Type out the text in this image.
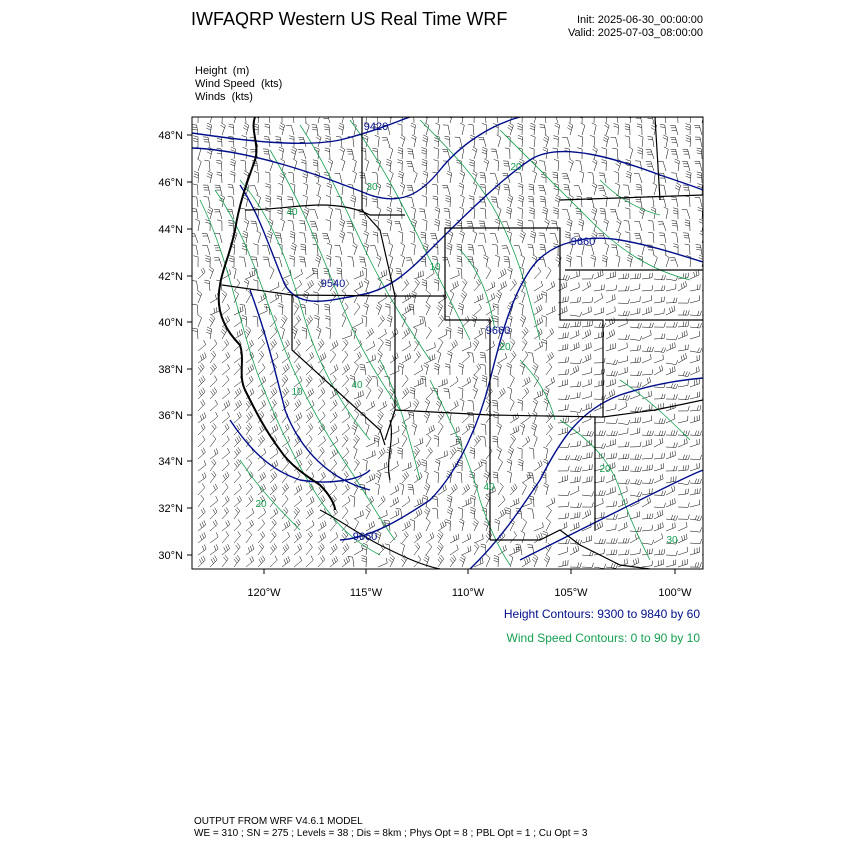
IWFAQRP Western US Real Time WRF	Init: 2025-06-30_00:00:00
Valid: 2025-07-03_08:00:00
Height (m)
Wind Speed (kts)
Winds (kts)
9420
9540
9660
9660
9660
30
40
20
10
20
40
10
20
40
20
30
48°N
46°N
44°N
42°N
40°N
38°N
36°N
34°N
32°N
30°N
120°W	115°W	110°W	105°W	100°W
Height Contours: 9300 to 9840 by 60
Wind Speed Contours: 0 to 90 by 10
OUTPUT FROM WRF V4.6.1 MODEL
WE = 310 ; SN = 275 ; Levels = 38 ; Dis = 8km ; Phys Opt = 8 ; PBL Opt = 1 ; Cu Opt = 3
